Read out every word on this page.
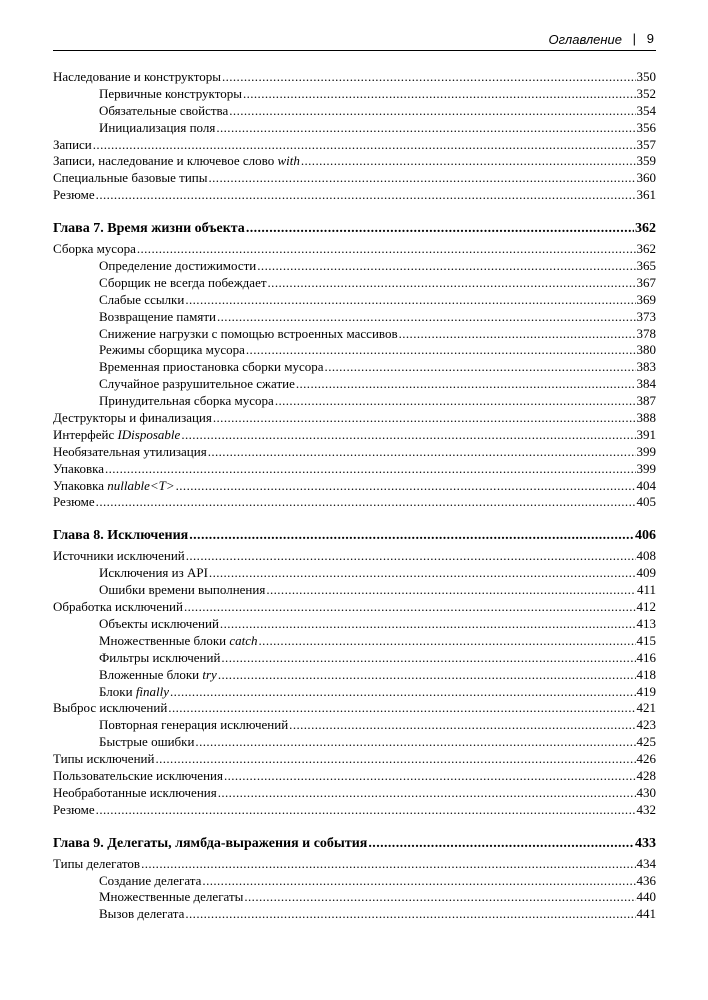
Оглавление | 9
Наследование и конструкторы .....	350
Первичные конструкторы .....	352
Обязательные свойства .....	354
Инициализация поля .....	356
Записи .....	357
Записи, наследование и ключевое слово with .....	359
Специальные базовые типы .....	360
Резюме .....	361
Глава 7. Время жизни объекта .....	362
Сборка мусора .....	362
Определение достижимости .....	365
Сборщик не всегда побеждает .....	367
Слабые ссылки .....	369
Возвращение памяти .....	373
Снижение нагрузки с помощью встроенных массивов .....	378
Режимы сборщика мусора .....	380
Временная приостановка сборки мусора .....	383
Случайное разрушительное сжатие .....	384
Принудительная сборка мусора .....	387
Деструкторы и финализация .....	388
Интерфейс IDisposable .....	391
Необязательная утилизация .....	399
Упаковка .....	399
Упаковка nullable<T> .....	404
Резюме .....	405
Глава 8. Исключения .....	406
Источники исключений .....	408
Исключения из API .....	409
Ошибки времени выполнения .....	411
Обработка исключений .....	412
Объекты исключений .....	413
Множественные блоки catch .....	415
Фильтры исключений .....	416
Вложенные блоки try .....	418
Блоки finally .....	419
Выброс исключений .....	421
Повторная генерация исключений .....	423
Быстрые ошибки .....	425
Типы исключений .....	426
Пользовательские исключения .....	428
Необработанные исключения .....	430
Резюме .....	432
Глава 9. Делегаты, лямбда-выражения и события .....	433
Типы делегатов .....	434
Создание делегата .....	436
Множественные делегаты .....	440
Вызов делегата .....	441
